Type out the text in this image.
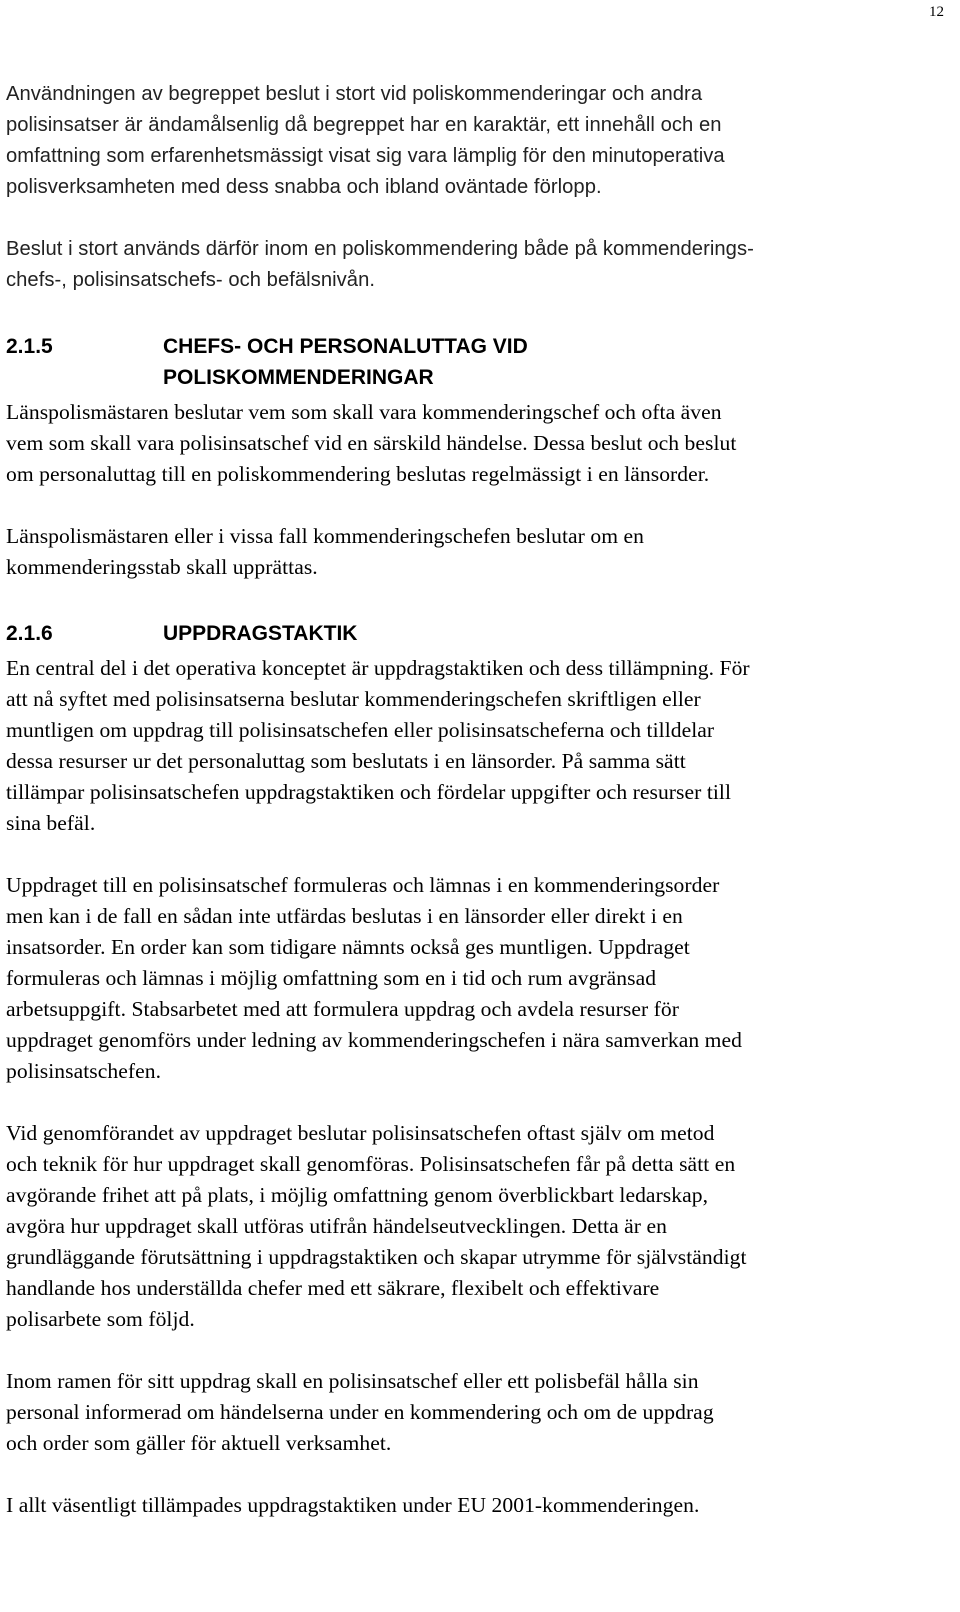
12

Användningen av begreppet beslut i stort vid poliskommenderingar och andra
polisinsatser är ändamålsenlig då begreppet har en karaktär, ett innehåll och en
omfattning som erfarenhetsmässigt visat sig vara lämplig för den minutoperativa
polisverksamheten med dess snabba och ibland oväntade förlopp.

Beslut i stort används därför inom en poliskommendering både på kommenderings-
chefs-, polisinsatschefs- och befälsnivån.

2.1.5	CHEFS- OCH PERSONALUTTAG VID
POLISKOMMENDERINGAR

Länspolismästaren beslutar vem som skall vara kommenderingschef och ofta även
vem som skall vara polisinsatschef vid en särskild händelse. Dessa beslut och beslut
om personaluttag till en poliskommendering beslutas regelmässigt i en länsorder.

Länspolismästaren eller i vissa fall kommenderingschefen beslutar om en
kommenderingsstab skall upprättas.

2.1.6	UPPDRAGSTAKTIK

En central del i det operativa konceptet är uppdragstaktiken och dess tillämpning. För
att nå syftet med polisinsatserna beslutar kommenderingschefen skriftligen eller
muntligen om uppdrag till polisinsatschefen eller polisinsatscheferna och tilldelar
dessa resurser ur det personaluttag som beslutats i en länsorder. På samma sätt
tillämpar polisinsatschefen uppdragstaktiken och fördelar uppgifter och resurser till
sina befäl.

Uppdraget till en polisinsatschef formuleras och lämnas i en kommenderingsorder
men kan i de fall en sådan inte utfärdas beslutas i en länsorder eller direkt i en
insatsorder. En order kan som tidigare nämnts också ges muntligen. Uppdraget
formuleras och lämnas i möjlig omfattning som en i tid och rum avgränsad
arbetsuppgift. Stabsarbetet med att formulera uppdrag och avdela resurser för
uppdraget genomförs under ledning av kommenderingschefen i nära samverkan med
polisinsatschefen.

Vid genomförandet av uppdraget beslutar polisinsatschefen oftast själv om metod
och teknik för hur uppdraget skall genomföras. Polisinsatschefen får på detta sätt en
avgörande frihet att på plats, i möjlig omfattning genom överblickbart ledarskap,
avgöra hur uppdraget skall utföras utifrån händelseutvecklingen. Detta är en
grundläggande förutsättning i uppdragstaktiken och skapar utrymme för självständigt
handlande hos underställda chefer med ett säkrare, flexibelt och effektivare
polisarbete som följd.

Inom ramen för sitt uppdrag skall en polisinsatschef eller ett polisbefäl hålla sin
personal informerad om händelserna under en kommendering och om de uppdrag
och order som gäller för aktuell verksamhet.

I allt väsentligt tillämpades uppdragstaktiken under EU 2001-kommenderingen.
